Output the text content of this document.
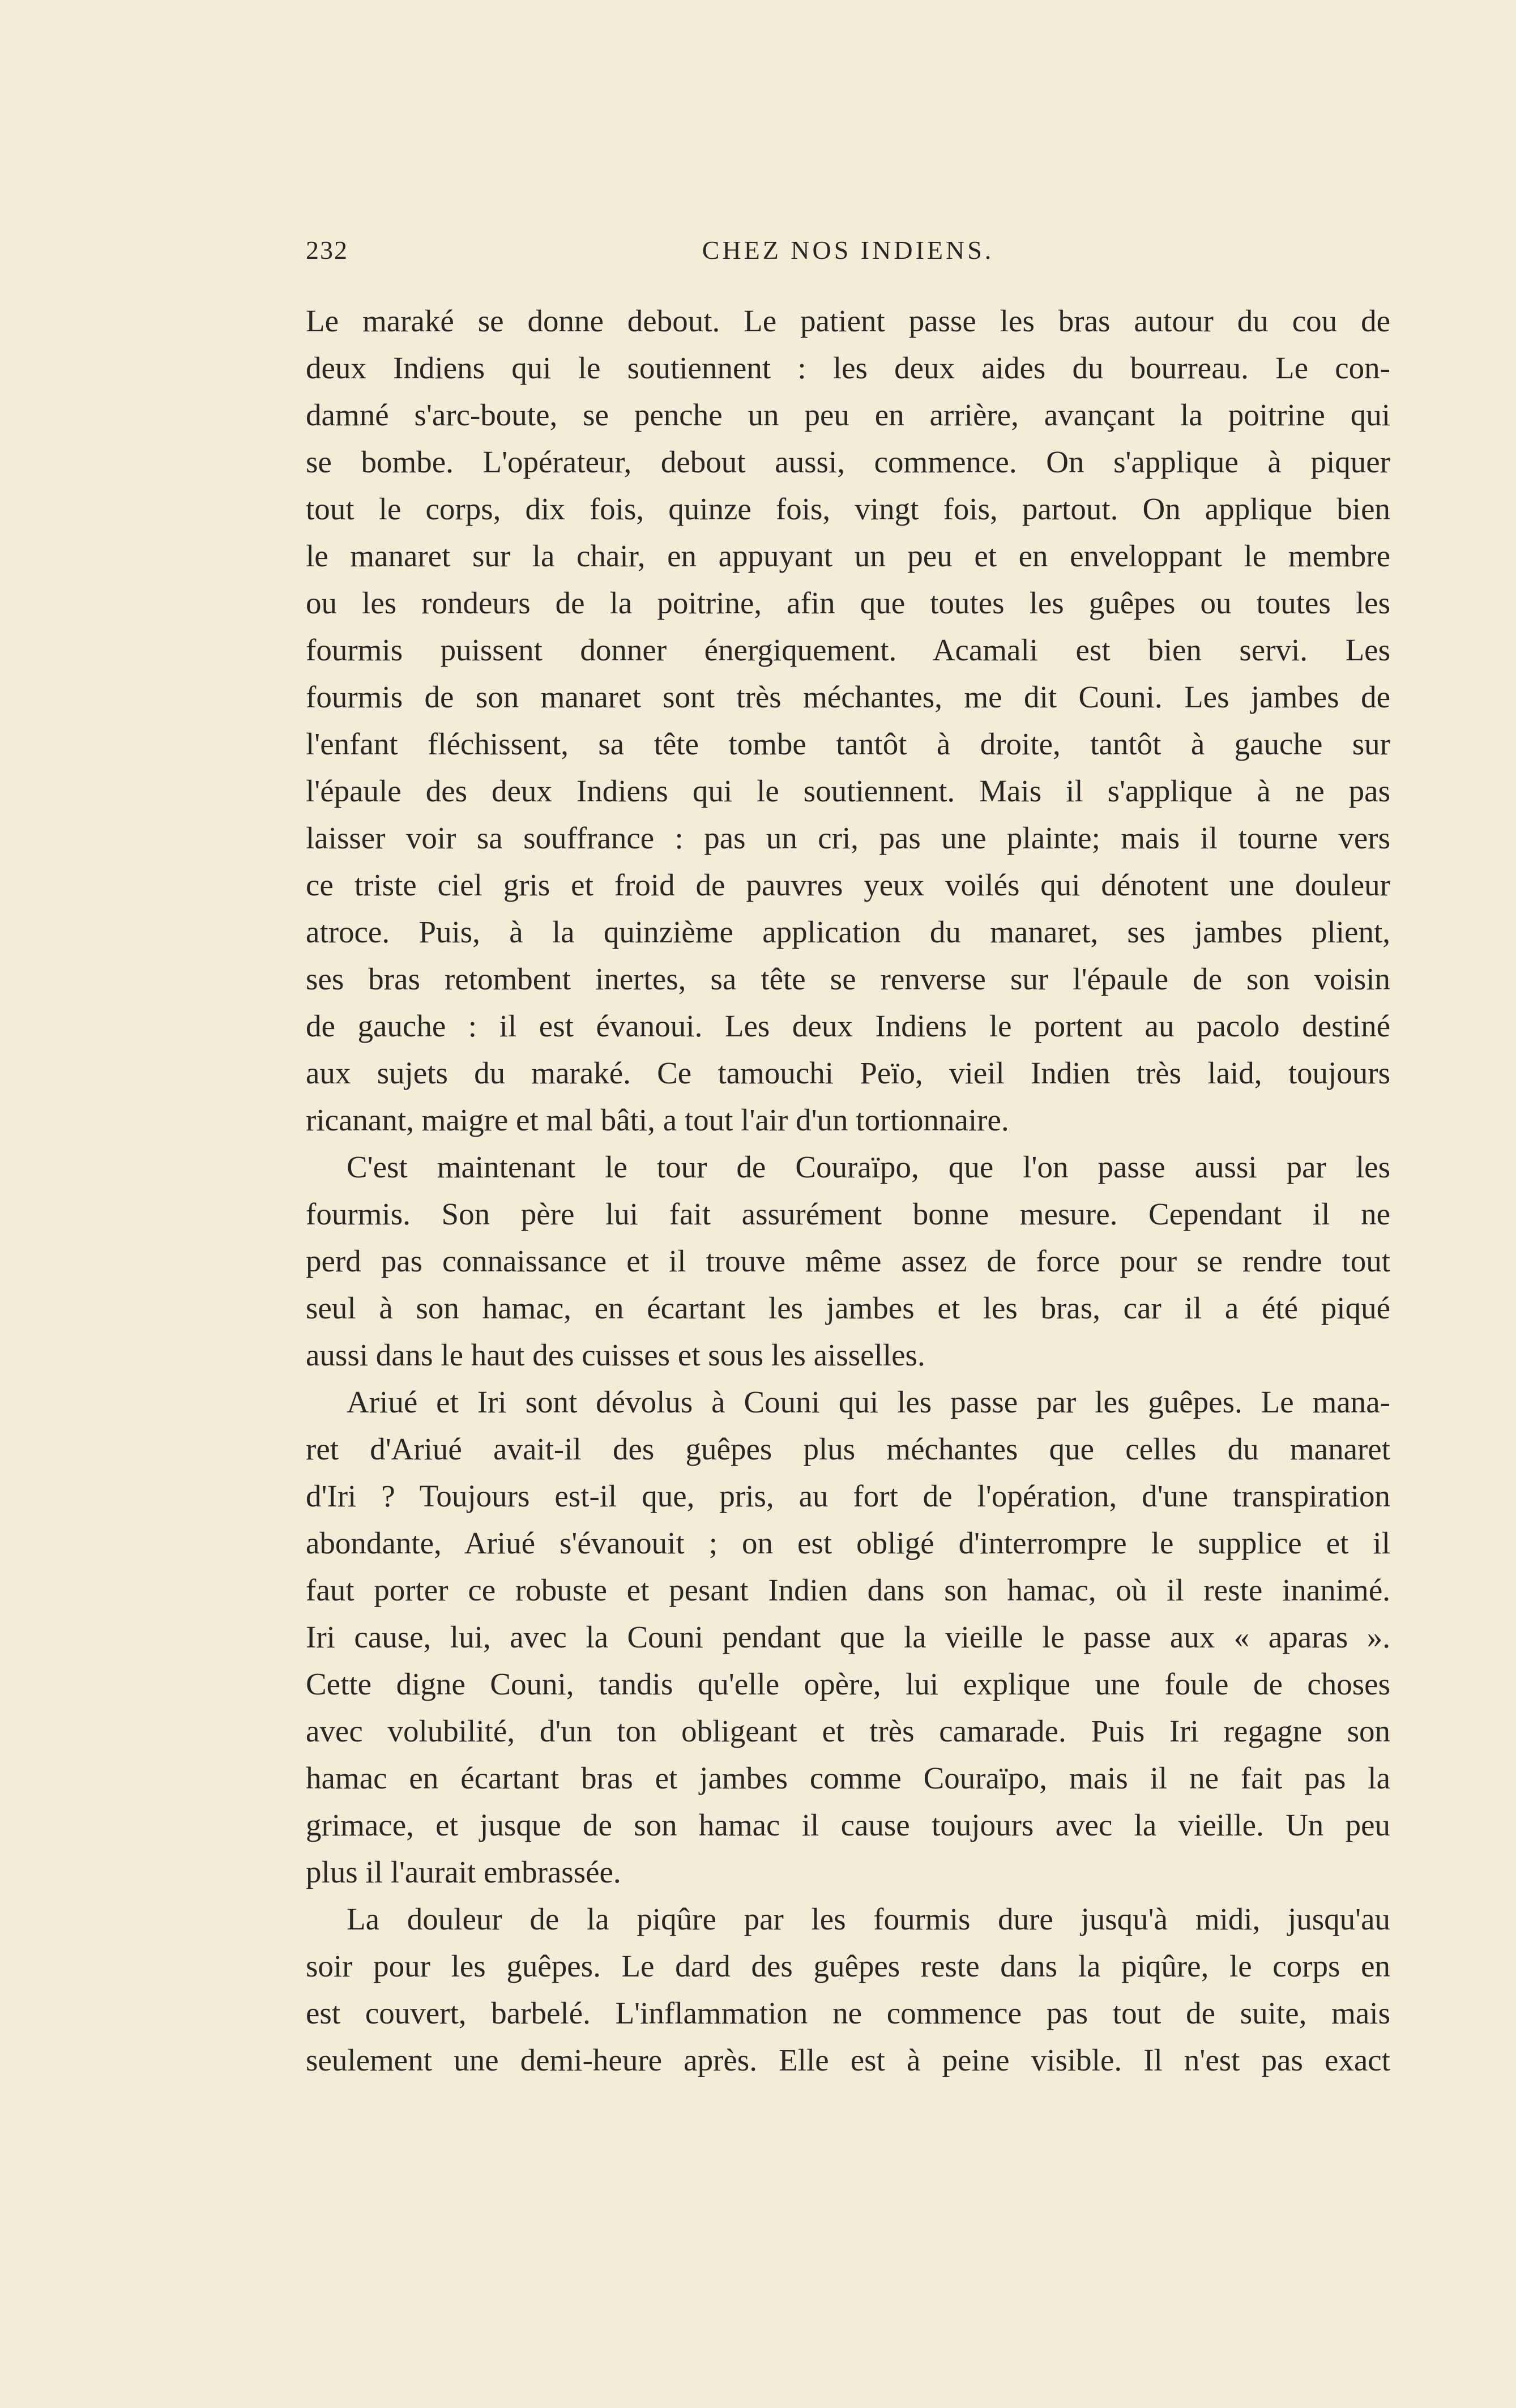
232	CHEZ NOS INDIENS.
Le maraké se donne debout. Le patient passe les bras autour du cou de
deux Indiens qui le soutiennent : les deux aides du bourreau. Le con-
damné s'arc-boute, se penche un peu en arrière, avançant la poitrine qui
se bombe. L'opérateur, debout aussi, commence. On s'applique à piquer
tout le corps, dix fois, quinze fois, vingt fois, partout. On applique bien
le manaret sur la chair, en appuyant un peu et en enveloppant le membre
ou les rondeurs de la poitrine, afin que toutes les guêpes ou toutes les
fourmis puissent donner énergiquement. Acamali est bien servi. Les
fourmis de son manaret sont très méchantes, me dit Couni. Les jambes de
l'enfant fléchissent, sa tête tombe tantôt à droite, tantôt à gauche sur
l'épaule des deux Indiens qui le soutiennent. Mais il s'applique à ne pas
laisser voir sa souffrance : pas un cri, pas une plainte; mais il tourne vers
ce triste ciel gris et froid de pauvres yeux voilés qui dénotent une douleur
atroce. Puis, à la quinzième application du manaret, ses jambes plient,
ses bras retombent inertes, sa tête se renverse sur l'épaule de son voisin
de gauche : il est évanoui. Les deux Indiens le portent au pacolo destiné
aux sujets du maraké. Ce tamouchi Peïo, vieil Indien très laid, toujours
ricanant, maigre et mal bâti, a tout l'air d'un tortionnaire.
C'est maintenant le tour de Couraïpo, que l'on passe aussi par les
fourmis. Son père lui fait assurément bonne mesure. Cependant il ne
perd pas connaissance et il trouve même assez de force pour se rendre tout
seul à son hamac, en écartant les jambes et les bras, car il a été piqué
aussi dans le haut des cuisses et sous les aisselles.
Ariué et Iri sont dévolus à Couni qui les passe par les guêpes. Le mana-
ret d'Ariué avait-il des guêpes plus méchantes que celles du manaret
d'Iri ? Toujours est-il que, pris, au fort de l'opération, d'une transpiration
abondante, Ariué s'évanouit ; on est obligé d'interrompre le supplice et il
faut porter ce robuste et pesant Indien dans son hamac, où il reste inanimé.
Iri cause, lui, avec la Couni pendant que la vieille le passe aux « aparas ».
Cette digne Couni, tandis qu'elle opère, lui explique une foule de choses
avec volubilité, d'un ton obligeant et très camarade. Puis Iri regagne son
hamac en écartant bras et jambes comme Couraïpo, mais il ne fait pas la
grimace, et jusque de son hamac il cause toujours avec la vieille. Un peu
plus il l'aurait embrassée.
La douleur de la piqûre par les fourmis dure jusqu'à midi, jusqu'au
soir pour les guêpes. Le dard des guêpes reste dans la piqûre, le corps en
est couvert, barbelé. L'inflammation ne commence pas tout de suite, mais
seulement une demi-heure après. Elle est à peine visible. Il n'est pas exact
